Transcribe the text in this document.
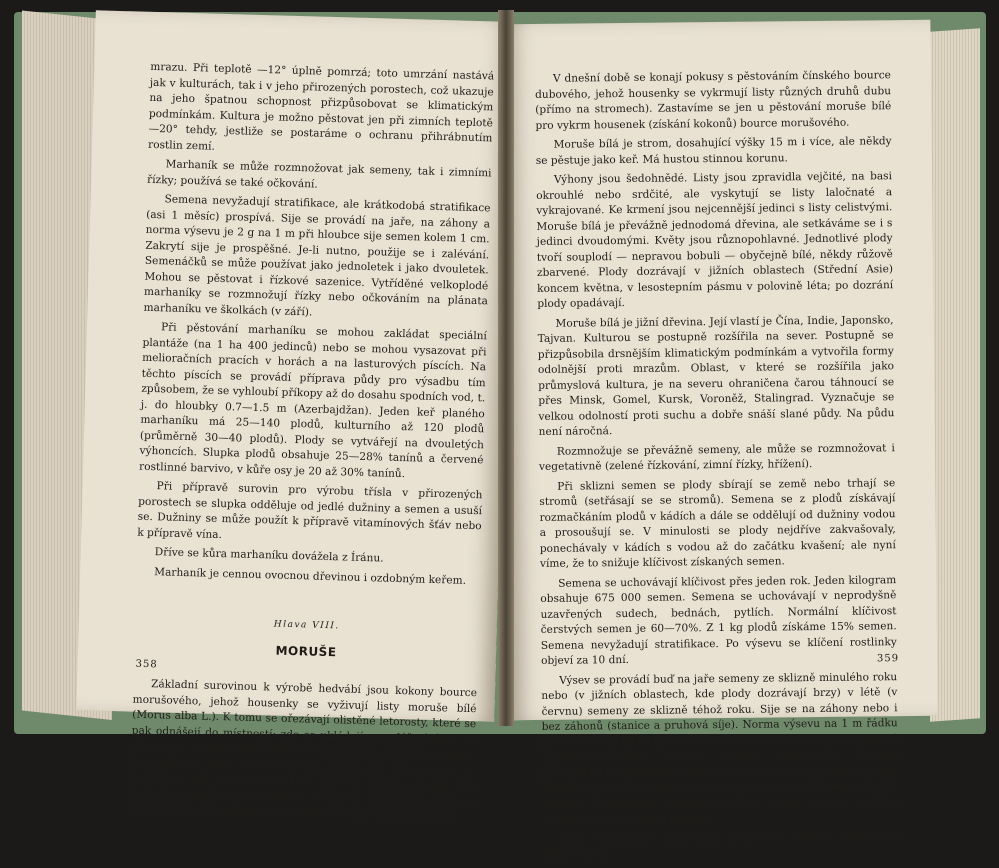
mrazu. Při teplotě —12° úplně pomrzá; toto umrzání nastává jak v kulturách, tak i v jeho přirozených porostech, což ukazuje na jeho špatnou schopnost přizpůsobovat se klimatickým podmínkám. Kultura je možno pěstovat jen při zimních teplotě —20° tehdy, jestliže se postaráme o ochranu přihrábnutím rostlin zemí.

Marhaník se může rozmnožovat jak semeny, tak i zimními řízky; používá se také očkování.

Semena nevyžadují stratifikace, ale krátkodobá stratifikace (asi 1 měsíc) prospívá. Sije se provádí na jaře, na záhony a norma výsevu je 2 g na 1 m při hloubce sije semen kolem 1 cm. Zakrytí sije je prospěšné. Je-li nutno, použije se i zalévání. Semenáčků se může používat jako jednoletek i jako dvouletek. Mohou se pěstovat i řízkové sazenice. Vytříděné velkoplodé marhaníky se rozmnožují řízky nebo očkováním na plánata marhaníku ve školkách (v září).

Při pěstování marhaníku se mohou zakládat speciální plantáže (na 1 ha 400 jedinců) nebo se mohou vysazovat při melioračních pracích v horách a na lasturových píscích. Na těchto píscích se provádí příprava půdy pro výsadbu tím způsobem, že se vyhloubí příkopy až do dosahu spodních vod, t. j. do hloubky 0.7—1.5 m (Azerbajdžan). Jeden keř planého marhaníku má 25—140 plodů, kulturního až 120 plodů (průměrně 30—40 plodů). Plody se vytvářejí na dvouletých výhoncích. Slupka plodů obsahuje 25—28% tanínů a červené rostlinné barvivo, v kůře osy je 20 až 30% tanínů.

Při přípravě surovin pro výrobu třísla v přirozených porostech se slupka odděluje od jedlé dužniny a semen a usuší se. Dužniny se může použít k přípravě vitamínových šťáv nebo k přípravě vína.

Dříve se kůra marhaníku dovážela z Íránu.

Marhaník je cennou ovocnou dřevinou i ozdobným keřem.

Hlava VIII.
MORUŠE

Základní surovinou k výrobě hedvábí jsou kokony bource morušového, jehož housenky se vyživují listy moruše bílé (Morus alba L.). K tomu se ořezávají olistěné letorosty, které se pak odnášejí do místností; zde se ukládají na zvláštní lísky, na kterých se vykrmují housenky a se postupně zaměňují novými. Do poslední doby se vykrmovaly housenky jednorázově — jednou za rok, na jaře a v létě, nyní se v praxi pěstují dvě generace v jednom roce. Bourec morušový je starým kulturním hmyzem, který za dlouhou dobu chovu ztratil schopnost létat.

358

V dnešní době se konají pokusy s pěstováním čínského bource dubového, jehož housenky se vykrmují listy různých druhů dubu (přímo na stromech). Zastavíme se jen u pěstování moruše bílé pro vykrm housenek (získání kokonů) bource morušového.

Moruše bílá je strom, dosahující výšky 15 m i více, ale někdy se pěstuje jako keř. Má hustou stinnou korunu.

Výhony jsou šedohnědé. Listy jsou zpravidla vejčité, na basi okrouhlé nebo srdčité, ale vyskytují se listy laločnaté a vykrajované. Ke krmení jsou nejcennější jedinci s listy celistvými. Moruše bílá je převážně jednodomá dřevina, ale setkáváme se i s jedinci dvoudomými. Květy jsou různopohlavné. Jednotlivé plody tvoří souplodí — nepravou bobuli — obyčejně bílé, někdy růžově zbarvené. Plody dozrávají v jižních oblastech (Střední Asie) koncem května, v lesostepním pásmu v polovině léta; po dozrání plody opadávají.

Moruše bílá je jižní dřevina. Její vlastí je Čína, Indie, Japonsko, Tajvan. Kulturou se postupně rozšířila na sever. Postupně se přizpůsobila drsnějším klimatickým podmínkám a vytvořila formy odolnější proti mrazům. Oblast, v které se rozšířila jako průmyslová kultura, je na severu ohraničena čarou táhnoucí se přes Minsk, Gomel, Kursk, Voroněž, Stalingrad. Vyznačuje se velkou odolností proti suchu a dobře snáší slané půdy. Na půdu není náročná.

Rozmnožuje se převážně semeny, ale může se rozmnožovat i vegetativně (zelené řízkování, zimní řízky, hřížení).

Při sklizni semen se plody sbírají se země nebo trhají se stromů (setřásají se se stromů). Semena se z plodů získávají rozmačkáním plodů v kádích a dále se oddělují od dužniny vodou a prosoušují se. V minulosti se plody nejdříve zakvašovaly, ponechávaly v kádích s vodou až do začátku kvašení; ale nyní víme, že to snižuje klíčivost získaných semen.

Semena se uchovávají klíčivost přes jeden rok. Jeden kilogram obsahuje 675 000 semen. Semena se uchovávají v neprodyšně uzavřených sudech, bednách, pytlích. Normální klíčivost čerstvých semen je 60—70%. Z 1 kg plodů získáme 15% semen. Semena nevyžadují stratifikace. Po výsevu se klíčení rostlinky objeví za 10 dní.

Výsev se provádí buď na jaře semeny ze sklizně minulého roku nebo (v jižních oblastech, kde plody dozrávají brzy) v létě (v červnu) semeny ze sklizně téhož roku. Sije se na záhony nebo i bez záhonů (stanice a pruhová síje). Norma výsevu na 1 m řádku je 0.7—0.9 g. Hloubka výsevu je asi 0.5 cm, ale Novočerkasská agrolesomeliorační stanice získala semenáčky (hojným pravidelným zaléváním) i z hloubky 2 cm. Je účelné síje zakrývat. Nutné je pravidelné zalévání, které se má provádět, nejsou-li síje zakryty, každodenně, později nejdříve časté zalévání malými dávkami, později podle potřeby.

Jako sadebního materiálu používáme dobře vyvinutých jednoletých

359
